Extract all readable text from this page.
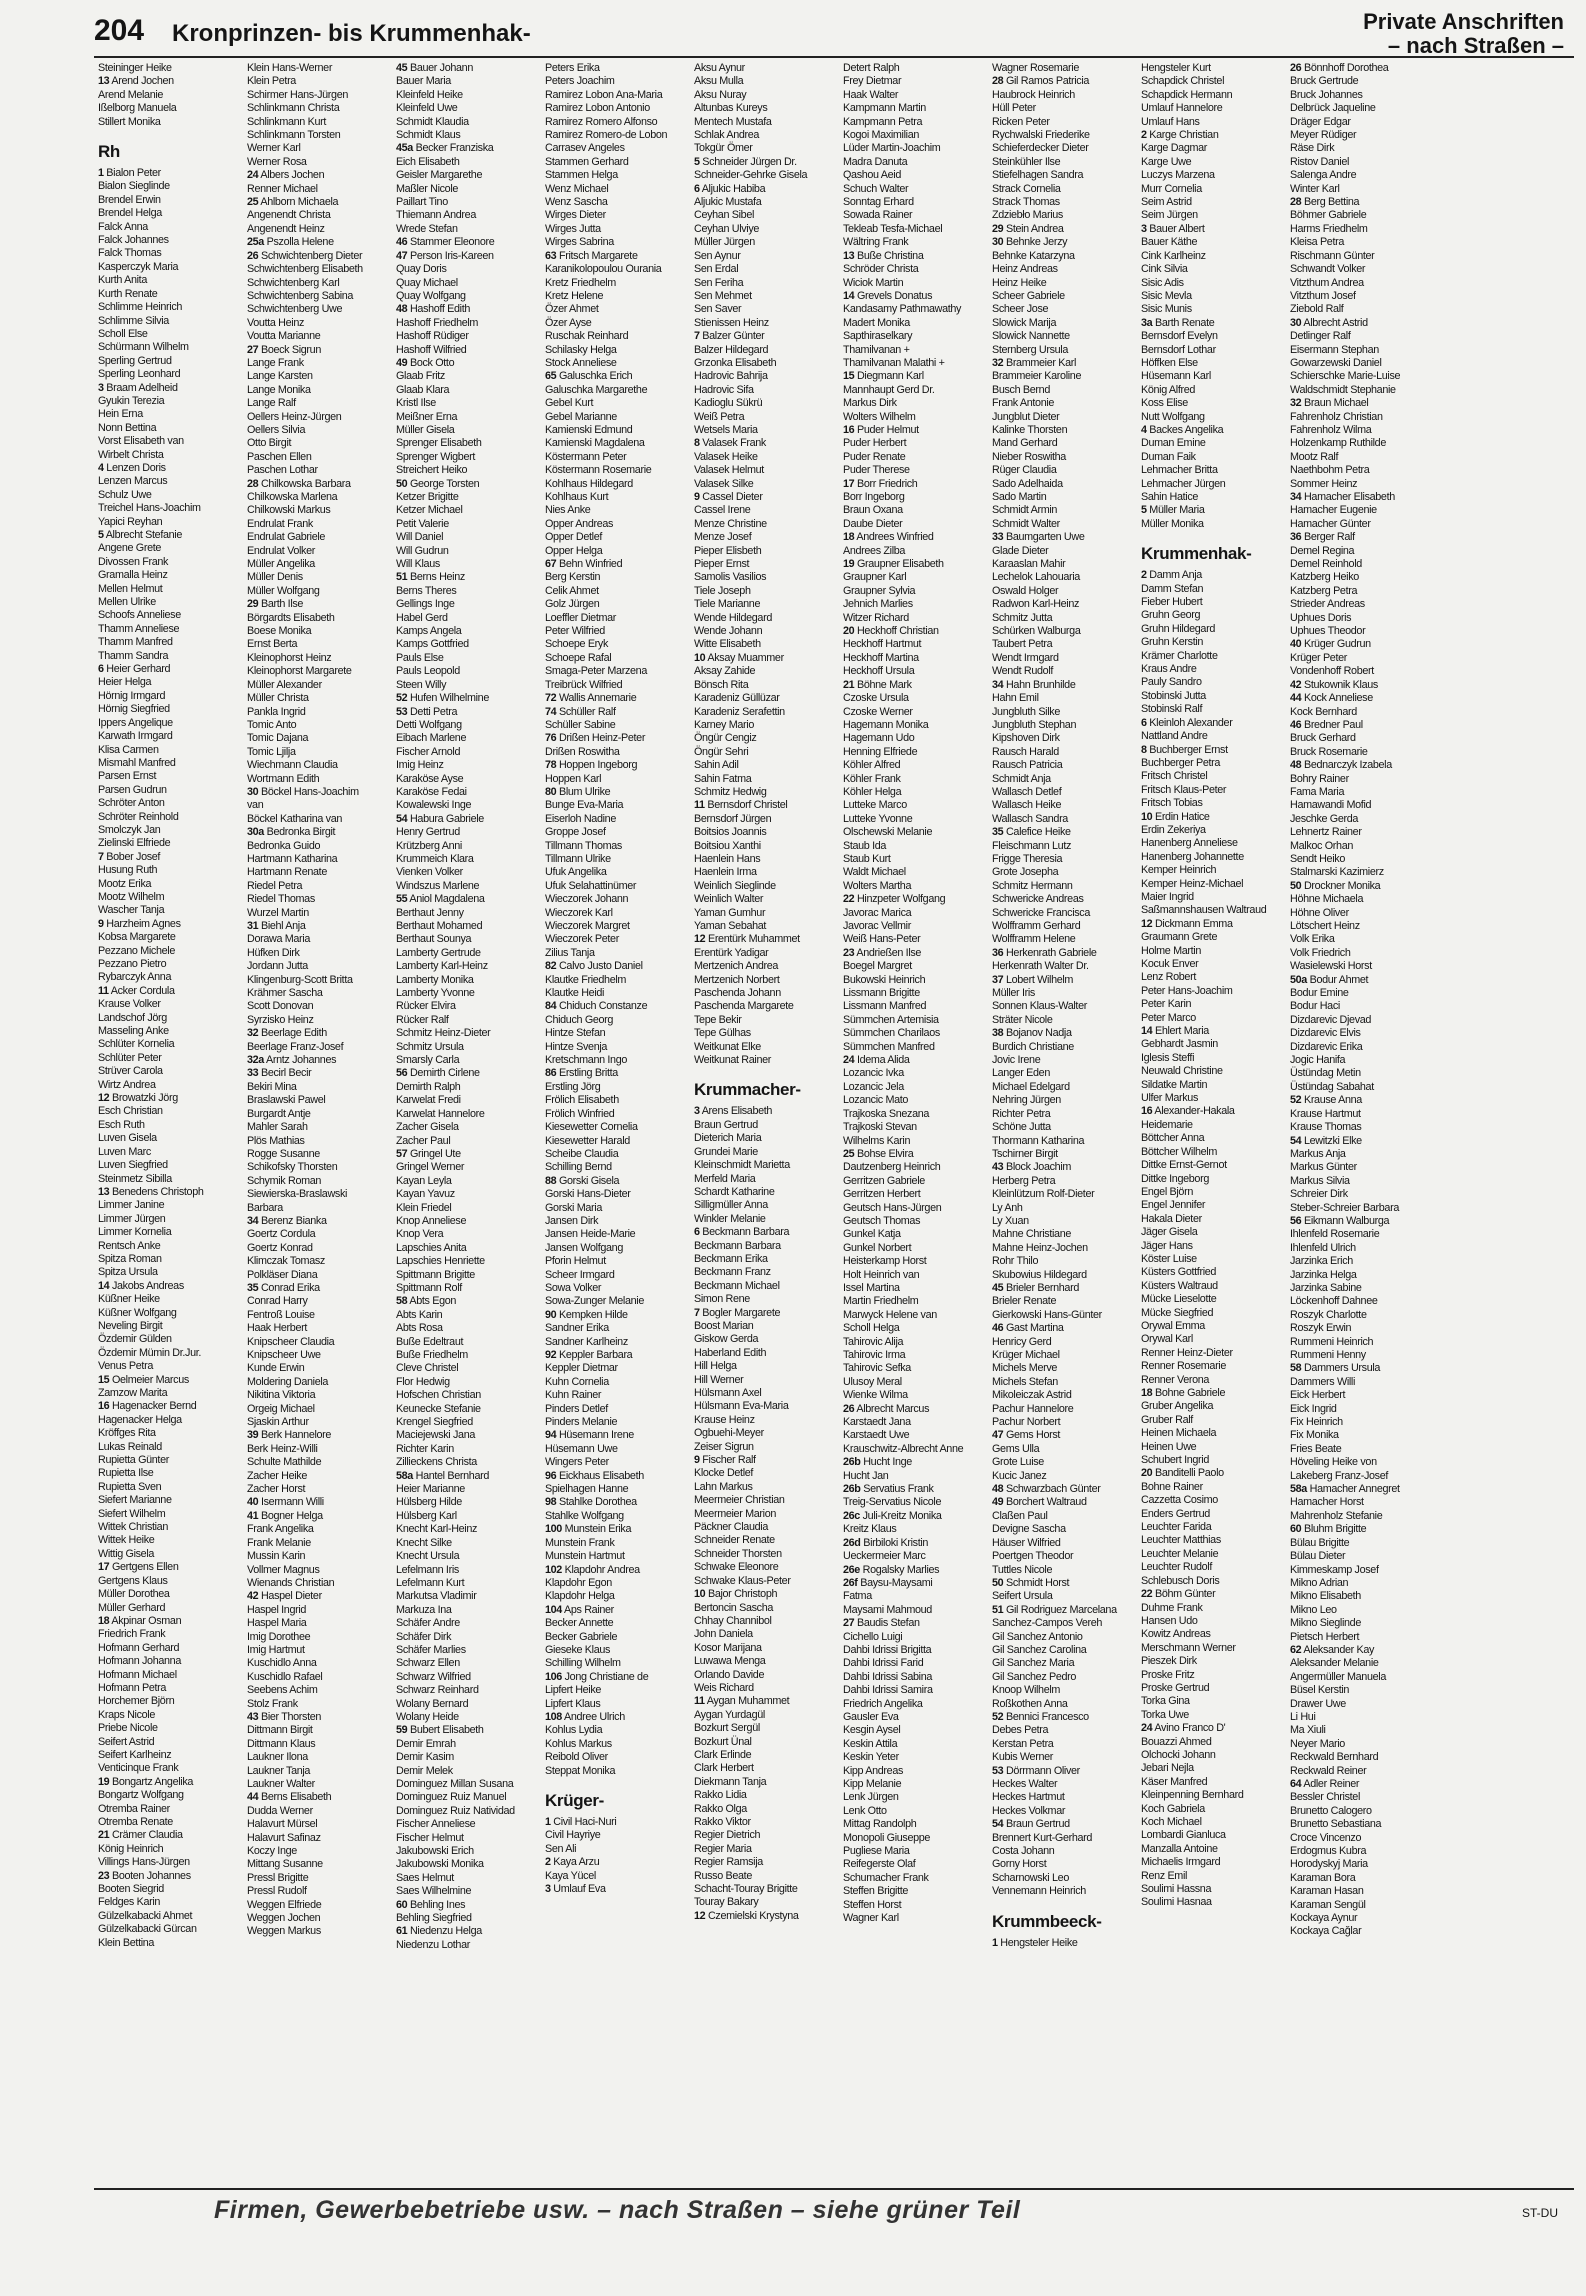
204 Kronprinzen- bis Krummenhak-	Private Anschriften
– nach Straßen –
Steininger Heike
13 Arend Jochen
Arend Melanie
Ißelborg Manuela
Stillert Monika
Rh
1 Bialon Peter
Bialon Sieglinde
Brendel Erwin
Brendel Helga
Falck Anna
Falck Johannes
Falck Thomas
Kasperczyk Maria
Kurth Anita
Kurth Renate
Schlimme Heinrich
Schlimme Silvia
Scholl Else
Schürmann Wilhelm
Sperling Gertrud
Sperling Leonhard
3 Braam Adelheid
Gyukin Terezia
Hein Erna
Nonn Bettina
Vorst Elisabeth van
Wirbelt Christa
4 Lenzen Doris
Lenzen Marcus
Schulz Uwe
Treichel Hans-Joachim
Yapici Reyhan
5 Albrecht Stefanie
Angene Grete
Divossen Frank
Gramalla Heinz
Mellen Helmut
Mellen Ulrike
Schoofs Anneliese
Thamm Anneliese
Thamm Manfred
Thamm Sandra
6 Heier Gerhard
Heier Helga
Hörnig Irmgard
Hörnig Siegfried
Ippers Angelique
Karwath Irmgard
Klisa Carmen
Mismahl Manfred
Parsen Ernst
Parsen Gudrun
Schröter Anton
Schröter Reinhold
Smolczyk Jan
Zielinski Elfriede
7 Bober Josef
Husung Ruth
Mootz Erika
Mootz Wilhelm
Wascher Tanja
9 Harzheim Agnes
Kobsa Margarete
Pezzano Michele
Pezzano Pietro
Rybarczyk Anna
11 Acker Cordula
Krause Volker
Landschof Jörg
Masseling Anke
Schlüter Kornelia
Schlüter Peter
Strüver Carola
Wirtz Andrea
12 Browatzki Jörg
Esch Christian
Esch Ruth
Luven Gisela
Luven Marc
Luven Siegfried
Steinmetz Sibilla
13 Benedens Christoph
Limmer Janine
Limmer Jürgen
Limmer Kornelia
Rentsch Anke
Spitza Roman
Spitza Ursula
14 Jakobs Andreas
Küßner Heike
Küßner Wolfgang
Neveling Birgit
Özdemir Gülden
Özdemir Mümin Dr.Jur.
Venus Petra
15 Oelmeier Marcus
Zamzow Marita
16 Hagenacker Bernd
Hagenacker Helga
Kröffges Rita
Lukas Reinald
Rupietta Günter
Rupietta Ilse
Rupietta Sven
Siefert Marianne
Siefert Wilhelm
Wittek Christian
Wittek Heike
Wittig Gisela
17 Gertgens Ellen
Gertgens Klaus
Müller Dorothea
Müller Gerhard
18 Akpinar Osman
Friedrich Frank
Hofmann Gerhard
Hofmann Johanna
Hofmann Michael
Hofmann Petra
Horchemer Björn
Kraps Nicole
Priebe Nicole
Seifert Astrid
Seifert Karlheinz
Venticinque Frank
19 Bongartz Angelika
Bongartz Wolfgang
Otremba Rainer
Otremba Renate
21 Crämer Claudia
König Heinrich
Villings Hans-Jürgen
23 Booten Johannes
Booten Siegrid
Feldges Karin
Gülzelkabacki Ahmet
Gülzelkabacki Gürcan
Klein Bettina
Klein Hans-Werner
Klein Petra
Schirmer Hans-Jürgen
Schlinkmann Christa
Schlinkmann Kurt
Schlinkmann Torsten
Werner Karl
Werner Rosa
24 Albers Jochen
Renner Michael
25 Ahlborn Michaela
Angenendt Christa
Angenendt Heinz
25a Pszolla Helene
26 Schwichtenberg Dieter
Schwichtenberg Elisabeth
Schwichtenberg Karl
Schwichtenberg Sabina
Schwichtenberg Uwe
Voutta Heinz
Voutta Marianne
27 Boeck Sigrun
Lange Frank
Lange Karsten
Lange Monika
Lange Ralf
Oellers Heinz-Jürgen
Oellers Silvia
Otto Birgit
Paschen Ellen
Paschen Lothar
28 Chilkowska Barbara
Chilkowska Marlena
Chilkowski Markus
Endrulat Frank
Endrulat Gabriele
Endrulat Volker
Müller Angelika
Müller Denis
Müller Wolfgang
29 Barth Ilse
Börgardts Elisabeth
Boese Monika
Ernst Berta
Kleinophorst Heinz
Kleinophorst Margarete
Müller Alexander
Müller Christa
Pankla Ingrid
Tomic Anto
Tomic Dajana
Tomic Ljilja
Wiechmann Claudia
Wortmann Edith
30 Böckel Hans-Joachim
van
Böckel Katharina van
30a Bedronka Birgit
Bedronka Guido
Hartmann Katharina
Hartmann Renate
Riedel Petra
Riedel Thomas
Wurzel Martin
31 Biehl Anja
Dorawa Maria
Hüfken Dirk
Jordann Jutta
Klingenburg-Scott Britta
Krähmer Sascha
Scott Donovan
Syrzisko Heinz
32 Beerlage Edith
Beerlage Franz-Josef
32a Arntz Johannes
33 Becirl Becir
Bekiri Mina
Braslawski Pawel
Burgardt Antje
Mahler Sarah
Plös Mathias
Rogge Susanne
Schikofsky Thorsten
Schymik Roman
Siewierska-Braslawski
Barbara
34 Berenz Bianka
Goertz Cordula
Goertz Konrad
Klimczak Tomasz
Polkläser Diana
35 Conrad Erika
Conrad Harry
Fentroß Louise
Haak Herbert
Knipscheer Claudia
Knipscheer Uwe
Kunde Erwin
Moldering Daniela
Nikitina Viktoria
Orgeig Michael
Sjaskin Arthur
39 Berk Hannelore
Berk Heinz-Willi
Schulte Mathilde
Zacher Heike
Zacher Horst
40 Isermann Willi
41 Bogner Helga
Frank Angelika
Frank Melanie
Mussin Karin
Vollmer Magnus
Wienands Christian
42 Haspel Dieter
Haspel Ingrid
Haspel Maria
Imig Dorothee
Imig Hartmut
Kuschidlo Anna
Kuschidlo Rafael
Seebens Achim
Stolz Frank
43 Bier Thorsten
Dittmann Birgit
Dittmann Klaus
Laukner Ilona
Laukner Tanja
Laukner Walter
44 Berns Elisabeth
Dudda Werner
Halavurt Mürsel
Halavurt Safinaz
Koczy Inge
Mittang Susanne
Pressl Brigitte
Pressl Rudolf
Weggen Elfriede
Weggen Jochen
Weggen Markus
45 Bauer Johann
Bauer Maria
Kleinfeld Heike
Kleinfeld Uwe
Schmidt Klaudia
Schmidt Klaus
45a Becker Franziska
Eich Elisabeth
Geisler Margarethe
Maßler Nicole
Paillart Tino
Thiemann Andrea
Wrede Stefan
46 Stammer Eleonore
47 Person Iris-Kareen
Quay Doris
Quay Michael
Quay Wolfgang
48 Hashoff Edith
Hashoff Friedhelm
Hashoff Rüdiger
Hashoff Wilfried
49 Bock Otto
Glaab Fritz
Glaab Klara
Kristl Ilse
Meißner Erna
Müller Gisela
Sprenger Elisabeth
Sprenger Wigbert
Streichert Heiko
50 George Torsten
Ketzer Brigitte
Ketzer Michael
Petit Valerie
Will Daniel
Will Gudrun
Will Klaus
51 Berns Heinz
Berns Theres
Gellings Inge
Habel Gerd
Kamps Angela
Kamps Gottfried
Pauls Else
Pauls Leopold
Steen Willy
52 Hufen Wilhelmine
53 Detti Petra
Detti Wolfgang
Eibach Marlene
Fischer Arnold
Imig Heinz
Karaköse Ayse
Karaköse Fedai
Kowalewski Inge
54 Habura Gabriele
Henry Gertrud
Krützberg Anni
Krummeich Klara
Vienken Volker
Windszus Marlene
55 Aniol Magdalena
Berthaut Jenny
Berthaut Mohamed
Berthaut Sounya
Lamberty Gertrude
Lamberty Karl-Heinz
Lamberty Monika
Lamberty Yvonne
Rücker Elvira
Rücker Ralf
Schmitz Heinz-Dieter
Schmitz Ursula
Smarsly Carla
56 Demirth Cirlene
Demirth Ralph
Karwelat Fredi
Karwelat Hannelore
Zacher Gisela
Zacher Paul
57 Gringel Ute
Gringel Werner
Kayan Leyla
Kayan Yavuz
Klein Friedel
Knop Anneliese
Knop Vera
Lapschies Anita
Lapschies Henriette
Spittmann Brigitte
Spittmann Rolf
58 Abts Egon
Abts Karin
Abts Rosa
Buße Edeltraut
Buße Friedhelm
Cleve Christel
Flor Hedwig
Hofschen Christian
Keunecke Stefanie
Krengel Siegfried
Maciejewski Jana
Richter Karin
Zillieckens Christa
58a Hantel Bernhard
Heier Marianne
Hülsberg Hilde
Hülsberg Karl
Knecht Karl-Heinz
Knecht Silke
Knecht Ursula
Lefelmann Iris
Lefelmann Kurt
Markutsa Vladimir
Markuza Ina
Schäfer Andre
Schäfer Dirk
Schäfer Marlies
Schwarz Ellen
Schwarz Wilfried
Schwarz Reinhard
Wolany Bernard
Wolany Heide
59 Bubert Elisabeth
Demir Emrah
Demir Kasim
Demir Melek
Dominguez Millan Susana
Dominguez Ruiz Manuel
Dominguez Ruiz Natividad
Fischer Anneliese
Fischer Helmut
Jakubowski Erich
Jakubowski Monika
Saes Helmut
Saes Wilhelmine
60 Behling Ines
Behling Siegfried
61 Niedenzu Helga
Niedenzu Lothar
Peters Erika
Peters Joachim
Ramirez Lobon Ana-Maria
Ramirez Lobon Antonio
Ramirez Romero Alfonso
Ramirez Romero-de Lobon
Carrasev Angeles
Stammen Gerhard
Stammen Helga
Wenz Michael
Wenz Sascha
Wirges Dieter
Wirges Jutta
Wirges Sabrina
63 Fritsch Margarete
Karanikolopoulou Ourania
Kretz Friedhelm
Kretz Helene
Özer Ahmet
Özer Ayse
Ruschak Reinhard
Schilasky Helga
Stock Anneliese
65 Galuschka Erich
Galuschka Margarethe
Gebel Kurt
Gebel Marianne
Kamienski Edmund
Kamienski Magdalena
Köstermann Peter
Köstermann Rosemarie
Kohlhaus Hildegard
Kohlhaus Kurt
Nies Anke
Opper Andreas
Opper Detlef
Opper Helga
67 Behn Winfried
Berg Kerstin
Celik Ahmet
Golz Jürgen
Loeffler Dietmar
Peter Wilfried
Schoepe Eryk
Schoepe Rafal
Smaga-Peter Marzena
Treibrück Wilfried
72 Wallis Annemarie
74 Schüller Ralf
Schüller Sabine
76 Drißen Heinz-Peter
Drißen Roswitha
78 Hoppen Ingeborg
Hoppen Karl
80 Blum Ulrike
Bunge Eva-Maria
Eiserloh Nadine
Groppe Josef
Tillmann Thomas
Tillmann Ulrike
Ufuk Angelika
Ufuk Selahattinümer
Wieczorek Johann
Wieczorek Karl
Wieczorek Margret
Wieczorek Peter
Zilius Tanja
82 Calvo Justo Daniel
Klautke Friedhelm
Klautke Heidi
84 Chiduch Constanze
Chiduch Georg
Hintze Stefan
Hintze Svenja
Kretschmann Ingo
86 Erstling Britta
Erstling Jörg
Frölich Elisabeth
Frölich Winfried
Kiesewetter Cornelia
Kiesewetter Harald
Scheibe Claudia
Schilling Bernd
88 Gorski Gisela
Gorski Hans-Dieter
Gorski Maria
Jansen Dirk
Jansen Heide-Marie
Jansen Wolfgang
Pforin Helmut
Scheer Irmgard
Sowa Volker
Sowa-Zunger Melanie
90 Kempken Hilde
Sandner Erika
Sandner Karlheinz
92 Keppler Barbara
Keppler Dietmar
Kuhn Cornelia
Kuhn Rainer
Pinders Detlef
Pinders Melanie
94 Hüsemann Irene
Hüsemann Uwe
Wingers Peter
96 Eickhaus Elisabeth
Spielhagen Hanne
98 Stahlke Dorothea
Stahlke Wolfgang
100 Munstein Erika
Munstein Frank
Munstein Hartmut
102 Klapdohr Andrea
Klapdohr Egon
Klapdohr Helga
104 Aps Rainer
Becker Annette
Becker Gabriele
Gieseke Klaus
Schilling Wilhelm
106 Jong Christiane de
Lipfert Heike
Lipfert Klaus
108 Andree Ulrich
Kohlus Lydia
Kohlus Markus
Reibold Oliver
Steppat Monika
Krüger-
1 Civil Haci-Nuri
Civil Hayriye
Sen Ali
2 Kaya Arzu
Kaya Yücel
3 Umlauf Eva
Aksu Aynur
Aksu Mulla
Aksu Nuray
Altunbas Kureys
Mentech Mustafa
Schlak Andrea
Tokgür Ömer
5 Schneider Jürgen Dr.
Schneider-Gehrke Gisela
6 Aljukic Habiba
Aljukic Mustafa
Ceyhan Sibel
Ceyhan Ulviye
Müller Jürgen
Sen Aynur
Sen Erdal
Sen Feriha
Sen Mehmet
Sen Saver
Stienissen Heinz
7 Balzer Günter
Balzer Hildegard
Grzonka Elisabeth
Hadrovic Bahrija
Hadrovic Sifa
Kadioglu Sükrü
Weiß Petra
Wetsels Maria
8 Valasek Frank
Valasek Heike
Valasek Helmut
Valasek Silke
9 Cassel Dieter
Cassel Irene
Menze Christine
Menze Josef
Pieper Elisbeth
Pieper Ernst
Samolis Vasilios
Tiele Joseph
Tiele Marianne
Wende Hildegard
Wende Johann
Witte Elisabeth
10 Aksay Muammer
Aksay Zahide
Bönsch Rita
Karadeniz Güllüzar
Karadeniz Serafettin
Karney Mario
Öngür Cengiz
Öngür Sehri
Sahin Adil
Sahin Fatma
Schmitz Hedwig
11 Bernsdorf Christel
Bernsdorf Jürgen
Boitsios Joannis
Boitsiou Xanthi
Haenlein Hans
Haenlein Irma
Weinlich Sieglinde
Weinlich Walter
Yaman Gumhur
Yaman Sebahat
12 Erentürk Muhammet
Erentürk Yadigar
Mertzenich Andrea
Mertzenich Norbert
Paschenda Johann
Paschenda Margarete
Tepe Bekir
Tepe Gülhas
Weitkunat Elke
Weitkunat Rainer
Krummacher-
3 Arens Elisabeth
Braun Gertrud
Dieterich Maria
Grundei Marie
Kleinschmidt Marietta
Merfeld Maria
Schardt Katharine
Silligmüller Anna
Winkler Melanie
6 Beckmann Barbara
Beckmann Barbara
Beckmann Erika
Beckmann Franz
Beckmann Michael
Simon Rene
7 Bogler Margarete
Boost Marian
Giskow Gerda
Haberland Edith
Hill Helga
Hill Werner
Hülsmann Axel
Hülsmann Eva-Maria
Krause Heinz
Ogbuehi-Meyer
Zeiser Sigrun
9 Fischer Ralf
Klocke Detlef
Lahn Markus
Meermeier Christian
Meermeier Marion
Päckner Claudia
Schneider Renate
Schneider Thorsten
Schwake Eleonore
Schwake Klaus-Peter
10 Bajor Christoph
Bertoncin Sascha
Chhay Channibol
John Daniela
Kosor Marijana
Luwawa Menga
Orlando Davide
Weis Richard
11 Aygan Muhammet
Aygan Yurdagül
Bozkurt Sergül
Bozkurt Ünal
Clark Erlinde
Clark Herbert
Diekmann Tanja
Rakko Lidia
Rakko Olga
Rakko Viktor
Regier Dietrich
Regier Maria
Regier Ramsija
Russo Beate
Schacht-Touray Brigitte
Touray Bakary
12 Czemielski Krystyna
Detert Ralph
Frey Dietmar
Haak Walter
Kampmann Martin
Kampmann Petra
Kogoi Maximilian
Lüder Martin-Joachim
Madra Danuta
Qashou Aeid
Schuch Walter
Sonntag Erhard
Sowada Rainer
Tekleab Tesfa-Michael
Wältring Frank
13 Buße Christina
Schröder Christa
Wiciok Martin
14 Grevels Donatus
Kandasamy Pathmawathy
Madert Monika
Sapthiraselkary
Thamilvanan +
Thamilvanan Malathi +
15 Diegmann Karl
Mannhaupt Gerd Dr.
Markus Dirk
Wolters Wilhelm
16 Puder Helmut
Puder Herbert
Puder Renate
Puder Therese
17 Borr Friedrich
Borr Ingeborg
Braun Oxana
Daube Dieter
18 Andrees Winfried
Andrees Zilba
19 Graupner Elisabeth
Graupner Karl
Graupner Sylvia
Jehnich Marlies
Witzer Richard
20 Heckhoff Christian
Heckhoff Hartmut
Heckhoff Martina
Heckhoff Ursula
21 Böhne Mark
Czoske Ursula
Czoske Werner
Hagemann Monika
Hagemann Udo
Henning Elfriede
Köhler Alfred
Köhler Frank
Köhler Helga
Lutteke Marco
Lutteke Yvonne
Olschewski Melanie
Staub Ida
Staub Kurt
Waldt Michael
Wolters Martha
22 Hinzpeter Wolfgang
Javorac Marica
Javorac Vellmir
Weiß Hans-Peter
23 Andrießen Ilse
Boegel Margret
Bukowski Heinrich
Lissmann Brigitte
Lissmann Manfred
Sümmchen Artemisia
Sümmchen Charilaos
Sümmchen Manfred
24 Idema Alida
Lozancic Ivka
Lozancic Jela
Lozancic Mato
Trajkoska Snezana
Trajkoski Stevan
Wilhelms Karin
25 Bohse Elvira
Dautzenberg Heinrich
Gerritzen Gabriele
Gerritzen Herbert
Geutsch Hans-Jürgen
Geutsch Thomas
Gunkel Katja
Gunkel Norbert
Heisterkamp Horst
Holt Heinrich van
Issel Martina
Martin Friedhelm
Marwyck Helene van
Scholl Helga
Tahirovic Alija
Tahirovic Irma
Tahirovic Sefka
Ulusoy Meral
Wienke Wilma
26 Albrecht Marcus
Karstaedt Jana
Karstaedt Uwe
Krauschwitz-Albrecht Anne
26b Hucht Inge
Hucht Jan
26b Servatius Frank
Treig-Servatius Nicole
26c Juli-Kreitz Monika
Kreitz Klaus
26d Birbiloki Kristin
Ueckermeier Marc
26e Rogalsky Marlies
26f Baysu-Maysami
Fatma
Maysami Mahmoud
27 Baudis Stefan
Cichello Luigi
Dahbi Idrissi Brigitta
Dahbi Idrissi Farid
Dahbi Idrissi Sabina
Dahbi Idrissi Samira
Friedrich Angelika
Gausler Eva
Kesgin Aysel
Keskin Attila
Keskin Yeter
Kipp Andreas
Kipp Melanie
Lenk Jürgen
Lenk Otto
Mittag Randolph
Monopoli Giuseppe
Pugliese Maria
Reifegerste Olaf
Schumacher Frank
Steffen Brigitte
Steffen Horst
Wagner Karl
Wagner Rosemarie
28 Gil Ramos Patricia
Haubrock Heinrich
Hüll Peter
Ricken Peter
Rychwalski Friederike
Schieferdecker Dieter
Steinkühler Ilse
Stiefelhagen Sandra
Strack Cornelia
Strack Thomas
Zdziebło Marius
29 Stein Andrea
30 Behnke Jerzy
Behnke Katarzyna
Heinz Andreas
Heinz Heike
Scheer Gabriele
Scheer Jose
Slowick Marija
Slowick Nannette
Sternberg Ursula
32 Brammeier Karl
Brammeier Karoline
Busch Bernd
Frank Antonie
Jungblut Dieter
Kalinke Thorsten
Mand Gerhard
Nieber Roswitha
Rüger Claudia
Sado Adelhaida
Sado Martin
Schmidt Armin
Schmidt Walter
33 Baumgarten Uwe
Glade Dieter
Karaaslan Mahir
Lechelok Lahouaria
Oswald Holger
Radwon Karl-Heinz
Schmitz Jutta
Schürken Walburga
Taubert Petra
Wendt Irmgard
Wendt Rudolf
34 Hahn Brunhilde
Hahn Emil
Jungbluth Silke
Jungbluth Stephan
Kipshoven Dirk
Rausch Harald
Rausch Patricia
Schmidt Anja
Wallasch Detlef
Wallasch Heike
Wallasch Sandra
35 Calefice Heike
Fleischmann Lutz
Frigge Theresia
Grote Josepha
Schmitz Hermann
Schwericke Andreas
Schwericke Francisca
Wolfframm Gerhard
Wolfframm Helene
36 Herkenrath Gabriele
Herkenrath Walter Dr.
37 Lobert Wilhelm
Müller Iris
Sonnen Klaus-Walter
Sträter Nicole
38 Bojanov Nadja
Burdich Christiane
Jovic Irene
Langer Eden
Michael Edelgard
Nehring Jürgen
Richter Petra
Schöne Jutta
Thormann Katharina
Tschirner Birgit
43 Block Joachim
Herberg Petra
Kleinlützum Rolf-Dieter
Ly Anh
Ly Xuan
Mahne Christiane
Mahne Heinz-Jochen
Rohr Thilo
Skubowius Hildegard
45 Brieler Bernhard
Brieler Renate
Gierkowski Hans-Günter
46 Gast Martina
Henricy Gerd
Krüger Michael
Michels Merve
Michels Stefan
Mikoleiczak Astrid
Pachur Hannelore
Pachur Norbert
47 Gems Horst
Gems Ulla
Grote Luise
Kucic Janez
48 Schwarzbach Günter
49 Borchert Waltraud
Claßen Paul
Devigne Sascha
Häuser Wilfried
Poertgen Theodor
Tuttles Nicole
50 Schmidt Horst
Seifert Ursula
51 Gil Rodriguez Marcelana
Sanchez-Campos Vereh
Gil Sanchez Antonio
Gil Sanchez Carolina
Gil Sanchez Maria
Gil Sanchez Pedro
Knoop Wilhelm
Roßkothen Anna
52 Bennici Francesco
Debes Petra
Kerstan Petra
Kubis Werner
53 Dörrmann Oliver
Heckes Walter
Heckes Hartmut
Heckes Volkmar
54 Braun Gertrud
Brennert Kurt-Gerhard
Costa Johann
Gorny Horst
Scharnowski Leo
Vennemann Heinrich
Krummbeeck-
1 Hengsteler Heike
Hengsteler Kurt
Schapdick Christel
Schapdick Hermann
Umlauf Hannelore
Umlauf Hans
2 Karge Christian
Karge Dagmar
Karge Uwe
Luczys Marzena
Murr Cornelia
Seim Astrid
Seim Jürgen
3 Bauer Albert
Bauer Käthe
Cink Karlheinz
Cink Silvia
Sisic Adis
Sisic Mevla
Sisic Munis
3a Barth Renate
Bernsdorf Evelyn
Bernsdorf Lothar
Höffken Else
Hüsemann Karl
König Alfred
Koss Elise
Nutt Wolfgang
4 Backes Angelika
Duman Emine
Duman Faik
Lehmacher Britta
Lehmacher Jürgen
Sahin Hatice
5 Müller Maria
Müller Monika
Krummenhak-
2 Damm Anja
Damm Stefan
Fieber Hubert
Gruhn Georg
Gruhn Hildegard
Gruhn Kerstin
Krämer Charlotte
Kraus Andre
Pauly Sandro
Stobinski Jutta
Stobinski Ralf
6 Kleinloh Alexander
Nattland Andre
8 Buchberger Ernst
Buchberger Petra
Fritsch Christel
Fritsch Klaus-Peter
Fritsch Tobias
10 Erdin Hatice
Erdin Zekeriya
Hanenberg Anneliese
Hanenberg Johannette
Kemper Heinrich
Kemper Heinz-Michael
Maier Ingrid
Saßmannshausen Waltraud
12 Dickmann Emma
Graumann Grete
Holme Martin
Kocuk Enver
Lenz Robert
Peter Hans-Joachim
Peter Karin
Peter Marco
14 Ehlert Maria
Gebhardt Jasmin
Iglesis Steffi
Neuwald Christine
Sildatke Martin
Ulfer Markus
16 Alexander-Hakala
Heidemarie
Böttcher Anna
Böttcher Wilhelm
Dittke Ernst-Gernot
Dittke Ingeborg
Engel Björn
Engel Jennifer
Hakala Dieter
Jäger Gisela
Jäger Hans
Köster Luise
Küsters Gottfried
Küsters Waltraud
Mücke Lieselotte
Mücke Siegfried
Orywal Emma
Orywal Karl
Renner Heinz-Dieter
Renner Rosemarie
Renner Verona
18 Bohne Gabriele
Gruber Angelika
Gruber Ralf
Heinen Michaela
Heinen Uwe
Schubert Ingrid
20 Banditelli Paolo
Bohne Rainer
Cazzetta Cosimo
Enders Gertrud
Leuchter Farida
Leuchter Matthias
Leuchter Melanie
Leuchter Rudolf
Schlebusch Doris
22 Böhm Günter
Duhme Frank
Hansen Udo
Kowitz Andreas
Merschmann Werner
Pieszek Dirk
Proske Fritz
Proske Gertrud
Torka Gina
Torka Uwe
24 Avino Franco D'
Bouazzi Ahmed
Olchocki Johann
Jebari Nejla
Käser Manfred
Kleinpenning Bernhard
Koch Gabriela
Koch Michael
Lombardi Gianluca
Manzalla Antoine
Michaelis Irmgard
Renz Emil
Soulimi Hassna
Soulimi Hasnaa
26 Bönnhoff Dorothea
Bruck Gertrude
Bruck Johannes
Delbrück Jaqueline
Dräger Edgar
Meyer Rüdiger
Räse Dirk
Ristov Daniel
Salenga Andre
Winter Karl
28 Berg Bettina
Böhmer Gabriele
Harms Friedhelm
Kleisa Petra
Rischmann Günter
Schwandt Volker
Vitzthum Andrea
Vitzthum Josef
Ziebold Ralf
30 Albrecht Astrid
Detlinger Ralf
Eisermann Stephan
Gowarzewski Daniel
Schierschke Marie-Luise
Waldschmidt Stephanie
32 Braun Michael
Fahrenholz Christian
Fahrenholz Wilma
Holzenkamp Ruthilde
Mootz Ralf
Naethbohm Petra
Sommer Heinz
34 Hamacher Elisabeth
Hamacher Eugenie
Hamacher Günter
36 Berger Ralf
Demel Regina
Demel Reinhold
Katzberg Heiko
Katzberg Petra
Strieder Andreas
Uphues Doris
Uphues Theodor
40 Krüger Gudrun
Krüger Peter
Vondenhoff Robert
42 Stukownik Klaus
44 Kock Anneliese
Kock Bernhard
46 Bredner Paul
Bruck Gerhard
Bruck Rosemarie
48 Bednarczyk Izabela
Bohry Rainer
Fama Maria
Hamawandi Mofid
Jeschke Gerda
Lehnertz Rainer
Malkoc Orhan
Sendt Heiko
Stalmarski Kazimierz
50 Drockner Monika
Höhne Michaela
Höhne Oliver
Lötschert Heinz
Volk Erika
Volk Friedrich
Wasielewski Horst
50a Bodur Ahmet
Bodur Emine
Bodur Haci
Dizdarevic Djevad
Dizdarevic Elvis
Dizdarevic Erika
Jogic Hanifa
Üstündag Metin
Üstündag Sabahat
52 Krause Anna
Krause Hartmut
Krause Thomas
54 Lewitzki Elke
Markus Anja
Markus Günter
Markus Silvia
Schreier Dirk
Steber-Schreier Barbara
56 Eikmann Walburga
Ihlenfeld Rosemarie
Ihlenfeld Ulrich
Jarzinka Erich
Jarzinka Helga
Jarzinka Sabine
Löckenhoff Dahnee
Roszyk Charlotte
Roszyk Erwin
Rummeni Heinrich
Rummeni Henny
58 Dammers Ursula
Dammers Willi
Eick Herbert
Eick Ingrid
Fix Heinrich
Fix Monika
Fries Beate
Höveling Heike von
Lakeberg Franz-Josef
58a Hamacher Annegret
Hamacher Horst
Mahrenholz Stefanie
60 Bluhm Brigitte
Bülau Brigitte
Bülau Dieter
Kimmeskamp Josef
Mikno Adrian
Mikno Elisabeth
Mikno Leo
Mikno Sieglinde
Pietsch Herbert
62 Aleksander Kay
Aleksander Melanie
Angermüller Manuela
Büsel Kerstin
Drawer Uwe
Li Hui
Ma Xiuli
Neyer Mario
Reckwald Bernhard
Reckwald Reiner
64 Adler Reiner
Bessler Christel
Brunetto Calogero
Brunetto Sebastiana
Croce Vincenzo
Erdogmus Kubra
Horodyskyj Maria
Karaman Bora
Karaman Hasan
Karaman Sengül
Kockaya Aynur
Kockaya Cağlar
Firmen, Gewerbebetriebe usw. – nach Straßen – siehe grüner Teil	ST-DU
